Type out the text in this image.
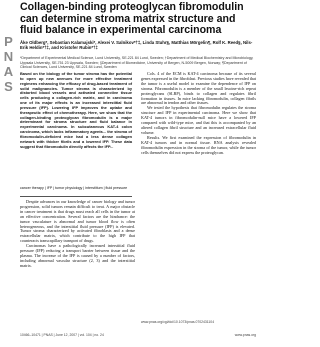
P
N
A
S
Collagen-binding proteoglycan fibromodulin can determine stroma matrix structure and fluid balance in experimental carcinoma
Åke Oldberg*, Sebastian Kalamajski*, Alexei V. Salnikov*†‡, Linda Stuhr§, Matthias Mörgelin¶, Rolf K. Reed§, Nils-Erik Heldin*†‡, and Kristofer Rubin*†‡
*Department of Experimental Medical Science, Lund University, SE-221 84 Lund, Sweden; †Department of Medical Biochemistry and Microbiology, Uppsala University, SE-751 23 Uppsala, Sweden; §Department of Biomedicine, University of Bergen, N-5009 Bergen, Norway; ¶Department of Clinical Sciences, Lund University, SE-221 84 Lund, Sweden
Based on the biology of the tumor stroma has the potential to open up new avenues for more effective treatment regimens enhancing the efficacy of drug-based treatment of solid malignancies. Tumor stroma is characterized by distorted blood vessels and activated connective tissue cells producing a collagen-rich matrix, and in carcinoma one of its major effects is an increased interstitial fluid pressure (IFP). Lowering IFP improves the uptake and therapeutic effect of chemotherapy. Here, we show that the collagen-binding proteoglycan fibromodulin is a major determinant for stroma structure and fluid balance in experimental carcinoma. In subcutaneous KAT-4 colon carcinoma, which lacks inflammatory agents... the stroma of fibromodulin-deficient mice had a less dense collagen network with thicker fibrils and a lowered IFP. These data suggest that fibromodulin directly affects the IFP...
cancer therapy | IFP | tumor physiology | interstitium | fluid pressure

Despite advances in our knowledge of cancer biology and tumor progression, solid tumors remain difficult to treat. A major obstacle in cancer treatment is that drugs must reach all cells in the tumor at an effective concentration. Several factors are the hindrance: the tumor vasculature is abnormal and tumor blood flow is often heterogeneous, and the interstitial fluid pressure (IFP) is elevated. Tumor stroma characterized by activated fibroblasts and a dense extracellular matrix, which contribute to the high IFP that counteracts transcapillary transport of drugs.

Carcinomas have a pathologically increased interstitial fluid pressure (IFP) reducing a transport barrier between tissue and the plasma. The increase of the IFP is caused by a number of factors, including abnormal vascular structure (2, 3) and the interstitial matrix.

Cols. 4 of the ECM is KAT-4 carcinoma because of its several genes expressed in the fibroblast. Previous studies have revealed that the tumor is a useful model to examine the dependence of IFP on stroma. Fibromodulin is a member of the small leucine-rich repeat proteoglycans (SLRP), binds to collagen and regulates fibril formation in tissues. In mice lacking fibromodulin, collagen fibrils are abnormal in tendon and other tissues.

We tested the hypothesis that fibromodulin regulates the stroma structure and IFP in experimental carcinoma. Here we show that KAT-4 tumors in fibromodulin-null mice have a lowered IFP compared with wild-type mice, and that this is accompanied by an altered collagen fibril structure and an increased extracellular fluid volume.

Results. We first examined the expression of fibromodulin in KAT-4 tumors and in normal tissue. RNA analysis revealed fibromodulin expression in the stroma of the tumor, while the tumor cells themselves did not express the proteoglycan.

www.pnas.org/cgi/doi/10.1073/pnas.0702431104
10466–10471 | PNAS | June 12, 2007 | vol. 104 | no. 24	www.pnas.org
